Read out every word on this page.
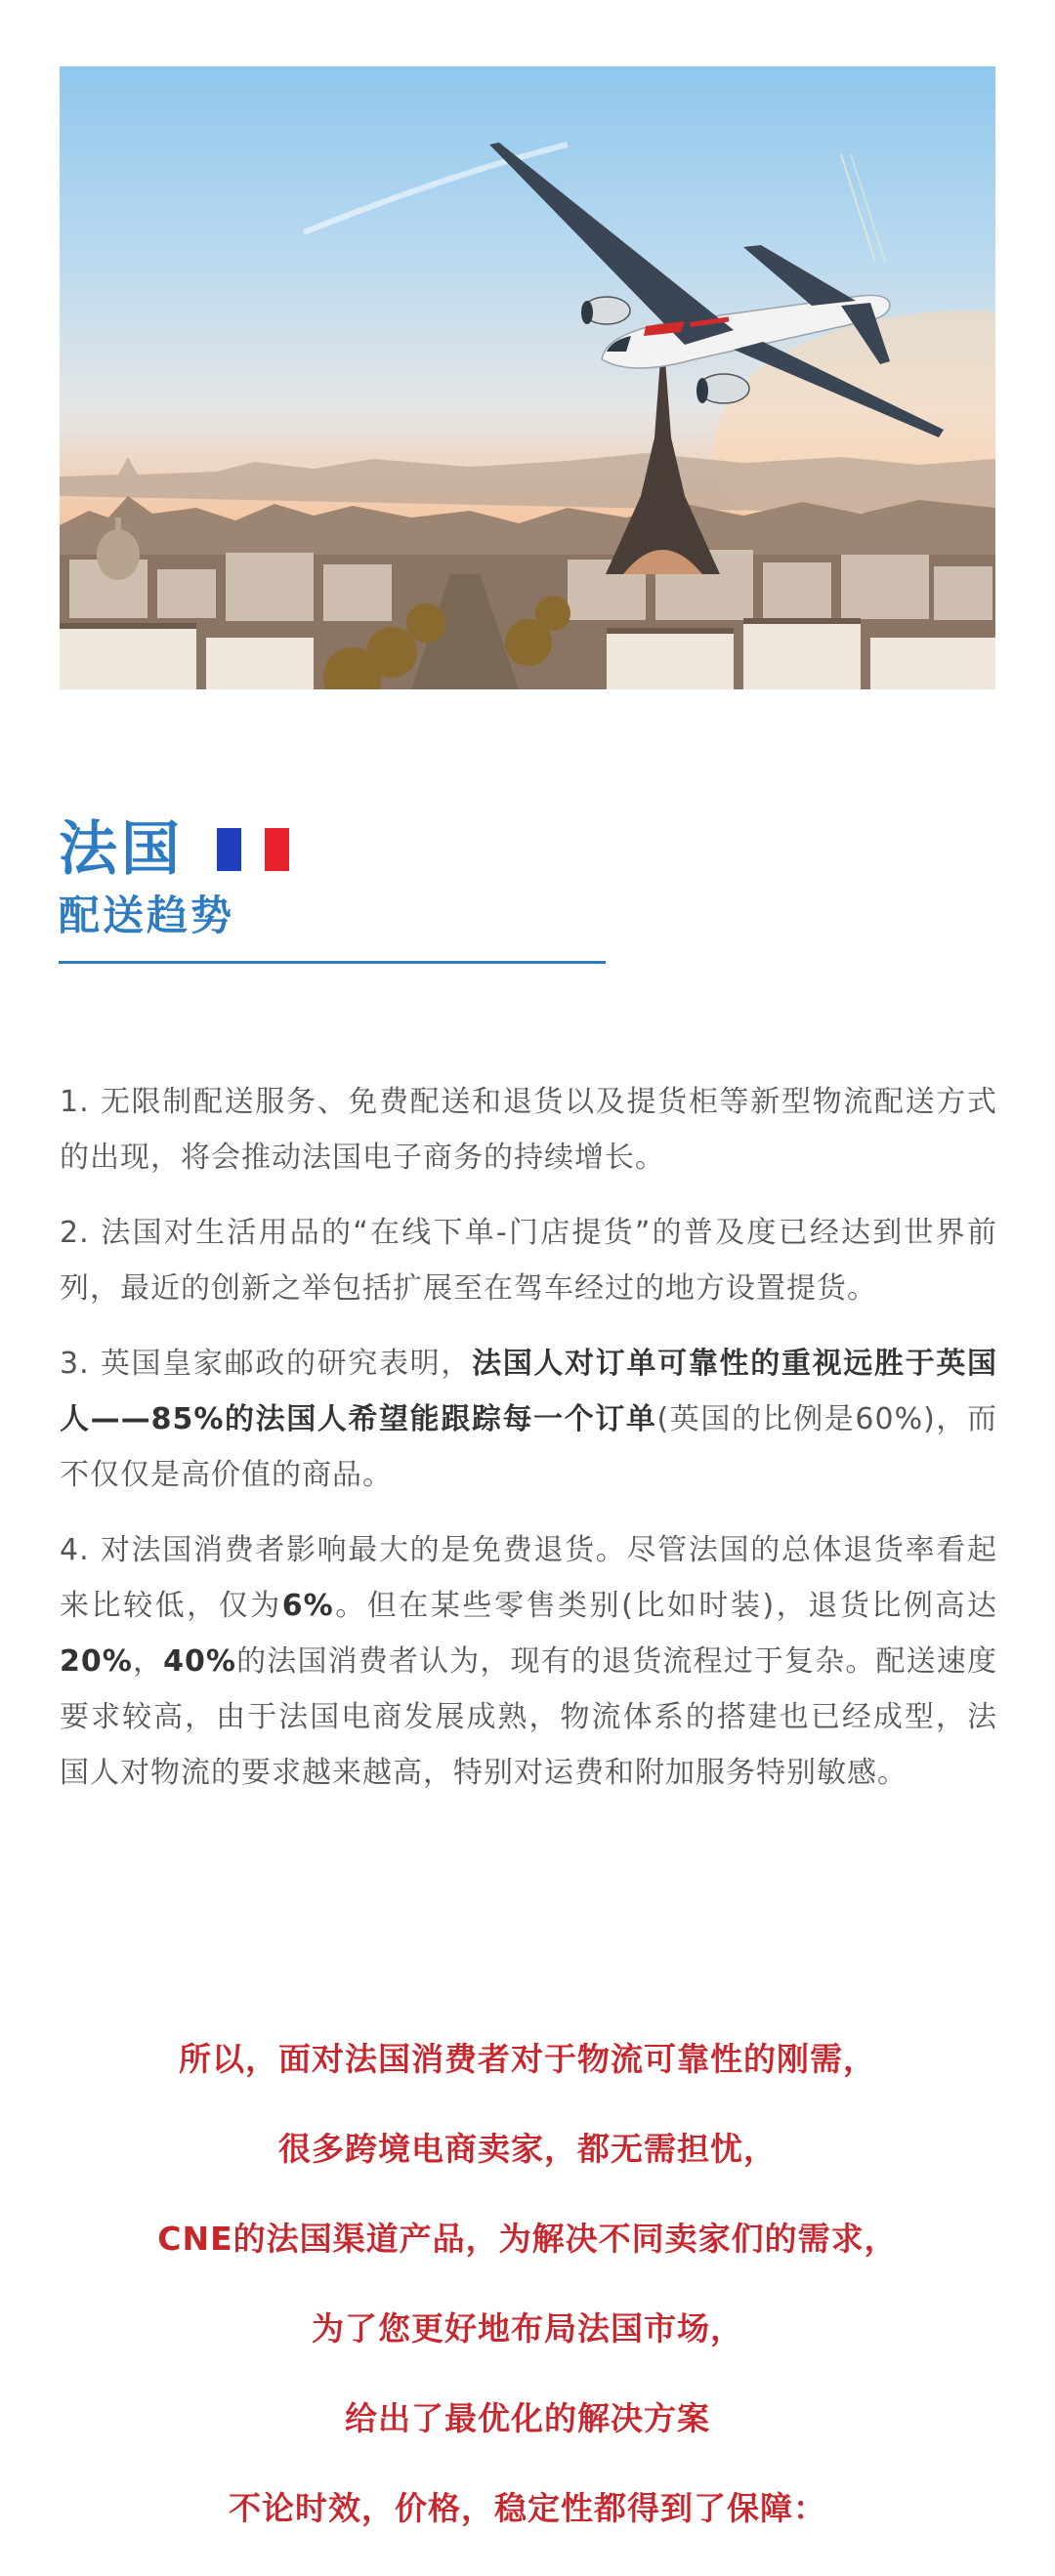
法国
配送趋势

1. 无限制配送服务、免费配送和退货以及提货柜等新型物流配送方式的出现，将会推动法国电子商务的持续增长。

2. 法国对生活用品的“在线下单-门店提货”的普及度已经达到世界前列，最近的创新之举包括扩展至在驾车经过的地方设置提货。

3. 英国皇家邮政的研究表明，法国人对订单可靠性的重视远胜于英国人——85%的法国人希望能跟踪每一个订单(英国的比例是60%)，而不仅仅是高价值的商品。

4. 对法国消费者影响最大的是免费退货。尽管法国的总体退货率看起来比较低，仅为6%。但在某些零售类别(比如时装)，退货比例高达20%，40%的法国消费者认为，现有的退货流程过于复杂。配送速度要求较高，由于法国电商发展成熟，物流体系的搭建也已经成型，法国人对物流的要求越来越高，特别对运费和附加服务特别敏感。

所以，面对法国消费者对于物流可靠性的刚需，
很多跨境电商卖家，都无需担忧，
CNE的法国渠道产品，为解决不同卖家们的需求，
为了您更好地布局法国市场，
给出了最优化的解决方案
不论时效，价格，稳定性都得到了保障：
